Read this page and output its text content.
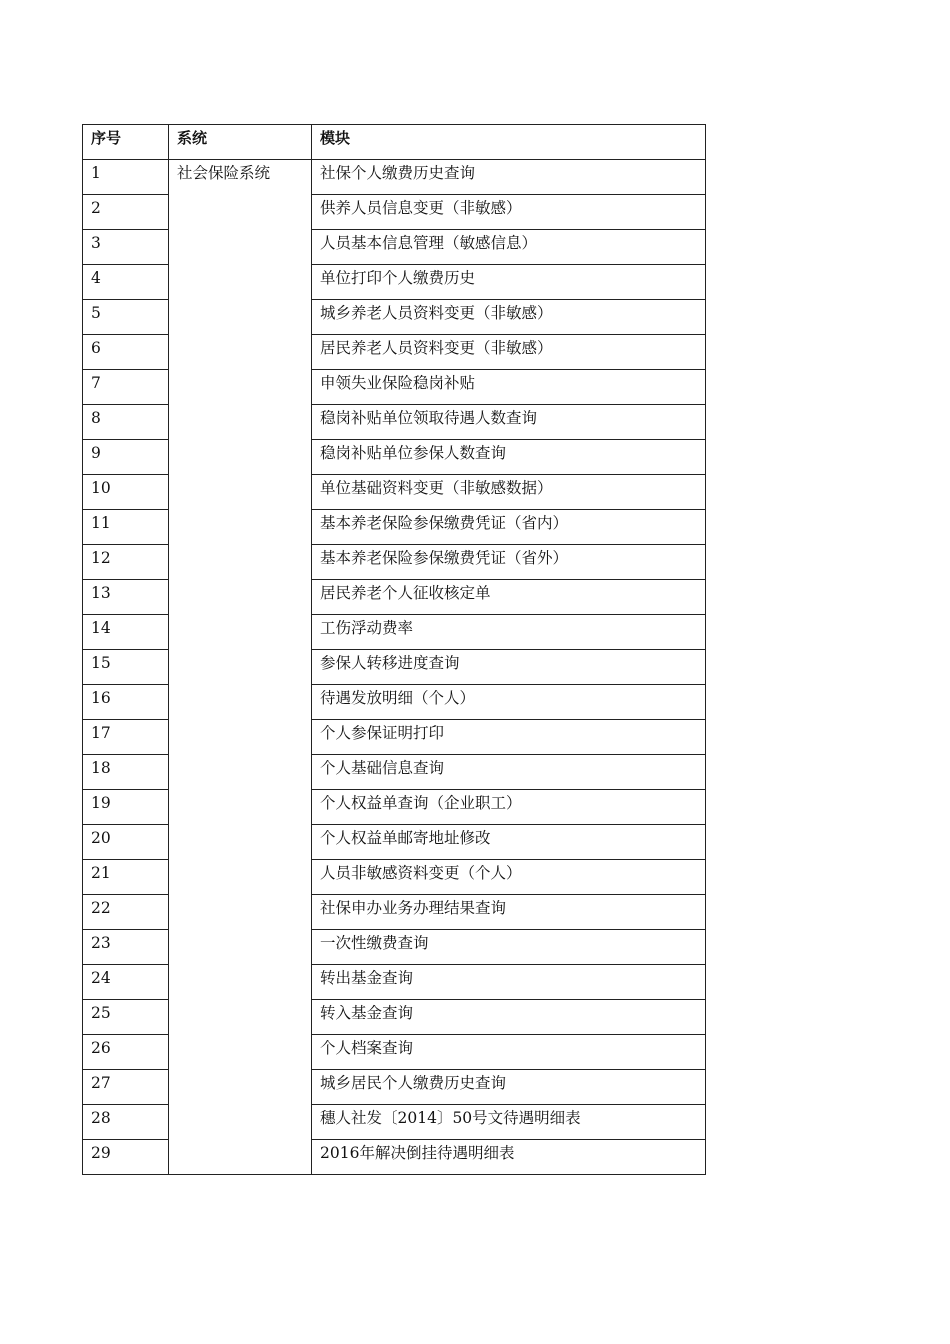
序号	系统	模块
1	社会保险系统	社保个人缴费历史查询
2		供养人员信息变更（非敏感）
3		人员基本信息管理（敏感信息）
4		单位打印个人缴费历史
5		城乡养老人员资料变更（非敏感）
6		居民养老人员资料变更（非敏感）
7		申领失业保险稳岗补贴
8		稳岗补贴单位领取待遇人数查询
9		稳岗补贴单位参保人数查询
10		单位基础资料变更（非敏感数据）
11		基本养老保险参保缴费凭证（省内）
12		基本养老保险参保缴费凭证（省外）
13		居民养老个人征收核定单
14		工伤浮动费率
15		参保人转移进度查询
16		待遇发放明细（个人）
17		个人参保证明打印
18		个人基础信息查询
19		个人权益单查询（企业职工）
20		个人权益单邮寄地址修改
21		人员非敏感资料变更（个人）
22		社保申办业务办理结果查询
23		一次性缴费查询
24		转出基金查询
25		转入基金查询
26		个人档案查询
27		城乡居民个人缴费历史查询
28		穗人社发〔2014〕50号文待遇明细表
29		2016年解决倒挂待遇明细表
